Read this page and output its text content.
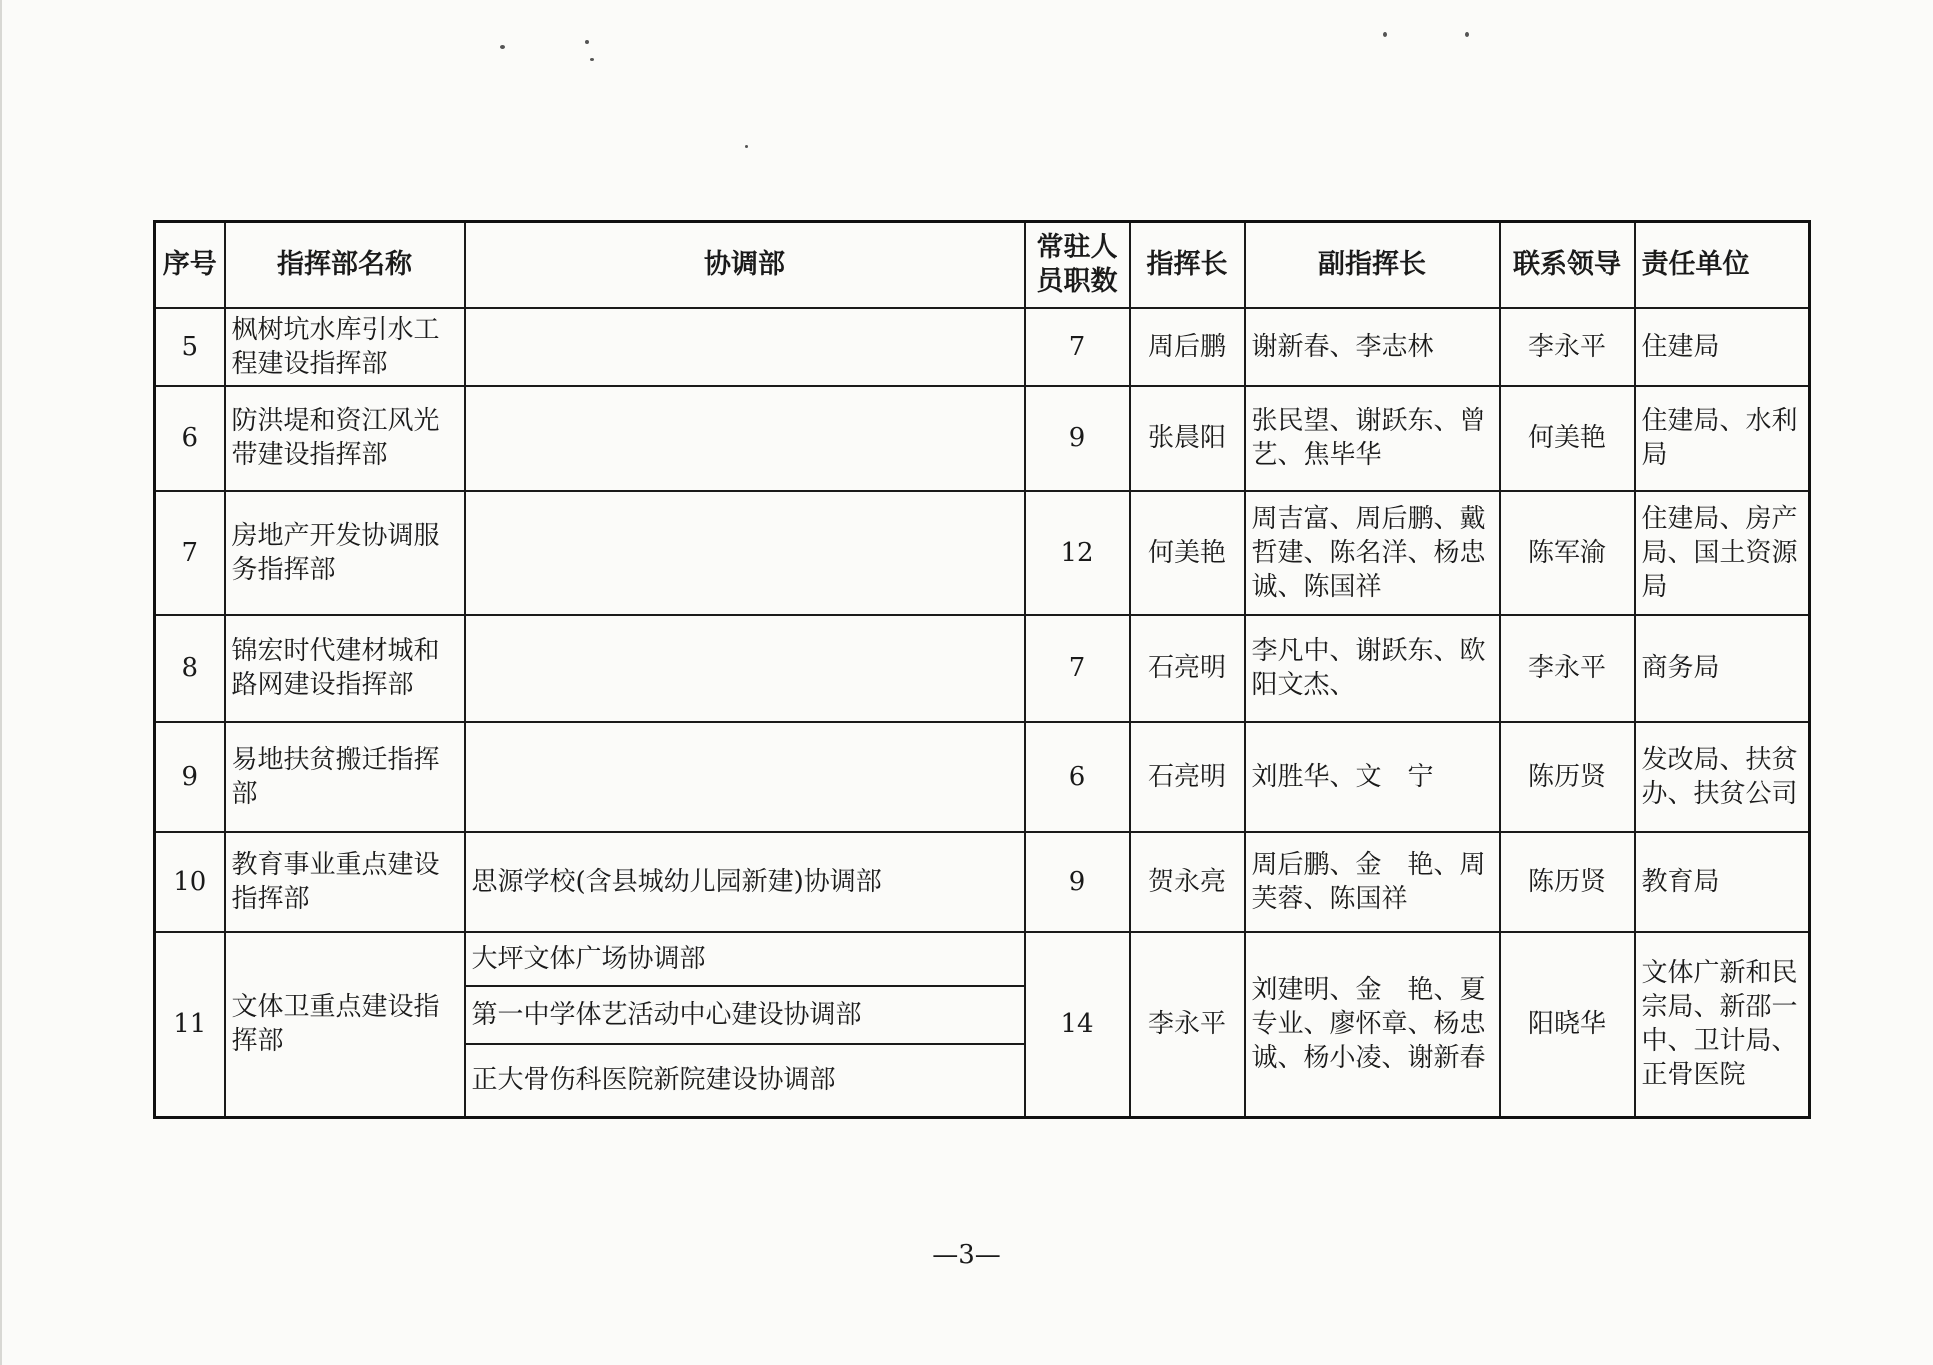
序号	指挥部名称	协调部	常驻人员职数	指挥长	副指挥长	联系领导	责任单位
5	枫树坑水库引水工程建设指挥部		7	周后鹏	谢新春、李志林	李永平	住建局
6	防洪堤和资江风光带建设指挥部		9	张晨阳	张民望、谢跃东、曾　艺、焦毕华	何美艳	住建局、水利局
7	房地产开发协调服务指挥部		12	何美艳	周吉富、周后鹏、戴哲建、陈名洋、杨忠诚、陈国祥	陈军渝	住建局、房产局、国土资源局
8	锦宏时代建材城和路网建设指挥部		7	石亮明	李凡中、谢跃东、欧阳文杰、	李永平	商务局
9	易地扶贫搬迁指挥部		6	石亮明	刘胜华、文　宁	陈历贤	发改局、扶贫办、扶贫公司
10	教育事业重点建设指挥部	思源学校(含县城幼儿园新建)协调部	9	贺永亮	周后鹏、金　艳、周芙蓉、陈国祥	陈历贤	教育局
11	文体卫重点建设指挥部	大坪文体广场协调部	14	李永平	刘建明、金　艳、夏专业、廖怀章、杨忠诚、杨小凌、谢新春	阳晓华	文体广新和民宗局、新邵一中、卫计局、正骨医院
		第一中学体艺活动中心建设协调部					
		正大骨伤科医院新院建设协调部					
—3—
